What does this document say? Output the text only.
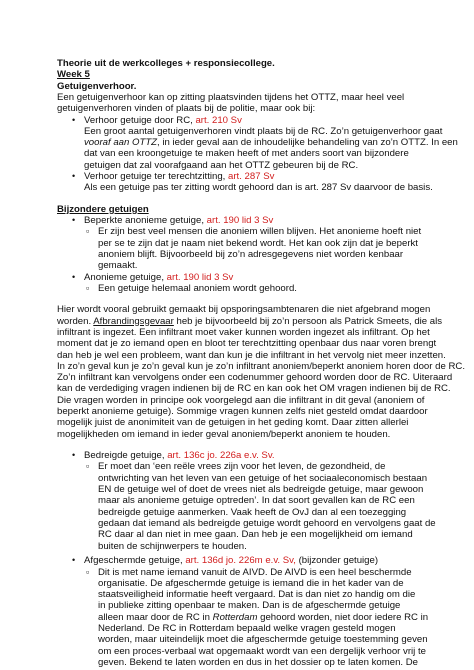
Theorie uit de werkcolleges + responsiecollege.
Week 5
Getuigenverhoor.
Een getuigenverhoor kan op zitting plaatsvinden tijdens het OTTZ, maar heel veel
getuigenverhoren vinden of plaats bij de politie, maar ook bij:
• Verhoor getuige door RC, art. 210 Sv
Een groot aantal getuigenverhoren vindt plaats bij de RC. Zo’n getuigenverhoor gaat
vooraf aan OTTZ, in ieder geval aan de inhoudelijke behandeling van zo’n OTTZ. In een
dat van een kroongetuige te maken heeft of met anders soort van bijzondere
getuigen dat zal voorafgaand aan het OTTZ gebeuren bij de RC.
• Verhoor getuige ter terechtzitting, art. 287 Sv
Als een getuige pas ter zitting wordt gehoord dan is art. 287 Sv daarvoor de basis.
Bijzondere getuigen
• Beperkte anonieme getuige, art. 190 lid 3 Sv
▫ Er zijn best veel mensen die anoniem willen blijven. Het anonieme hoeft niet
per se te zijn dat je naam niet bekend wordt. Het kan ook zijn dat je beperkt
anoniem blijft. Bijvoorbeeld bij zo’n adresgegevens niet worden kenbaar
gemaakt.
• Anonieme getuige, art. 190 lid 3 Sv
▫ Een getuige helemaal anoniem wordt gehoord.
Hier wordt vooral gebruikt gemaakt bij opsporingsambtenaren die niet afgebrand mogen
worden. Afbrandingsgevaar heb je bijvoorbeeld bij zo’n persoon als Patrick Smeets, die als
infiltrant is ingezet. Een infiltrant moet vaker kunnen worden ingezet als infiltrant. Op het
moment dat je zo iemand open en bloot ter terechtzitting openbaar dus naar voren brengt
dan heb je wel een probleem, want dan kun je die infiltrant in het vervolg niet meer inzetten.
In zo’n geval kun je zo’n geval kun je zo’n infiltrant anoniem/beperkt anoniem horen door de RC.
Zo’n infiltrant kan vervolgens onder een codenummer gehoord worden door de RC. Uiteraard
kan de verdediging vragen indienen bij de RC en kan ook het OM vragen indienen bij de RC.
Die vragen worden in principe ook voorgelegd aan die infiltrant in dit geval (anoniem of
beperkt anonieme getuige). Sommige vragen kunnen zelfs niet gesteld omdat daardoor
mogelijk juist de anonimiteit van de getuigen in het geding komt. Daar zitten allerlei
mogelijkheden om iemand in ieder geval anoniem/beperkt anoniem te houden.
• Bedreigde getuige, art. 136c jo. 226a e.v. Sv.
▫ Er moet dan ‘een reële vrees zijn voor het leven, de gezondheid, de
ontwrichting van het leven van een getuige of het sociaaleconomisch bestaan
EN de getuige wel of doet de vrees niet als bedreigde getuige, maar gewoon
maar als anonieme getuige optreden’. In dat soort gevallen kan de RC een
bedreigde getuige aanmerken. Vaak heeft de OvJ dan al een toezegging
gedaan dat iemand als bedreigde getuige wordt gehoord en vervolgens gaat de
RC daar al dan niet in mee gaan. Dan heb je een mogelijkheid om iemand
buiten de schijnwerpers te houden.
• Afgeschermde getuige, art. 136d jo. 226m e.v. Sv, (bijzonder getuige)
▫ Dit is met name iemand vanuit de AIVD. De AIVD is een heel beschermde
organisatie. De afgeschermde getuige is iemand die in het kader van de
staatsveiligheid informatie heeft vergaard. Dat is dan niet zo handig om die
in publieke zitting openbaar te maken. Dan is de afgeschermde getuige
alleen maar door de RC in Rotterdam gehoord worden, niet door iedere RC in
Nederland. De RC in Rotterdam bepaald welke vragen gesteld mogen
worden, maar uiteindelijk moet die afgeschermde getuige toestemming geven
om een proces-verbaal wat opgemaakt wordt van een dergelijk verhoor vrij te
geven. Bekend te laten worden en dus in het dossier op te laten komen. De
